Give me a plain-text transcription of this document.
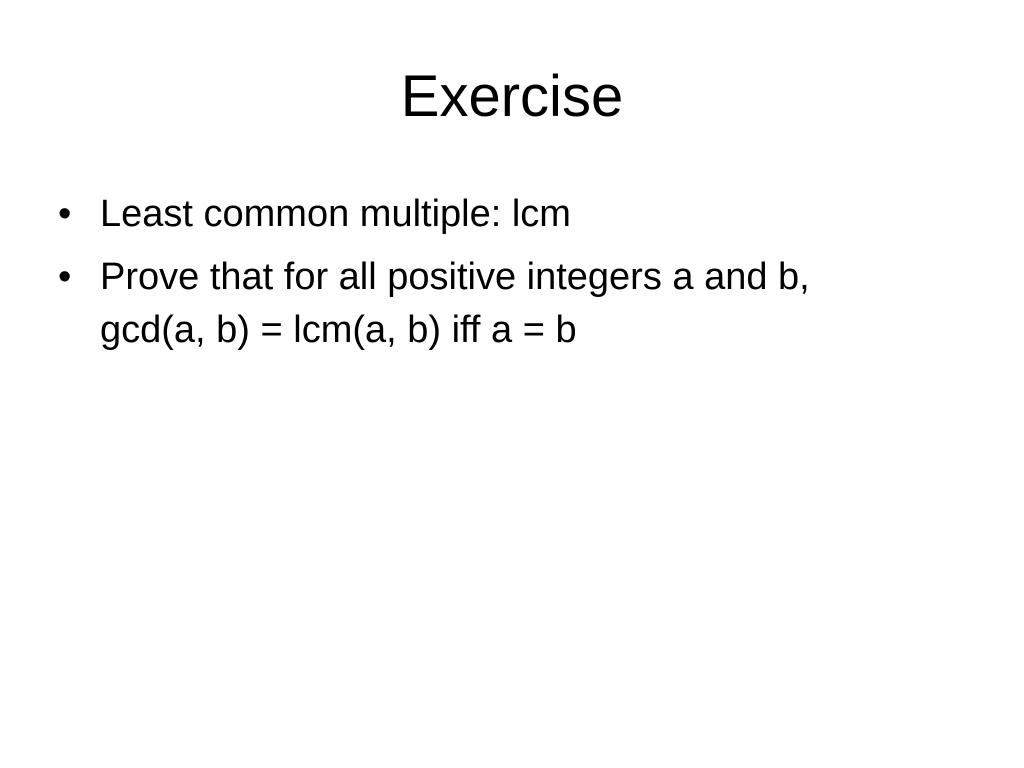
Exercise
• Least common multiple: lcm
• Prove that for all positive integers a and b,
gcd(a, b) = lcm(a, b) iff a = b
